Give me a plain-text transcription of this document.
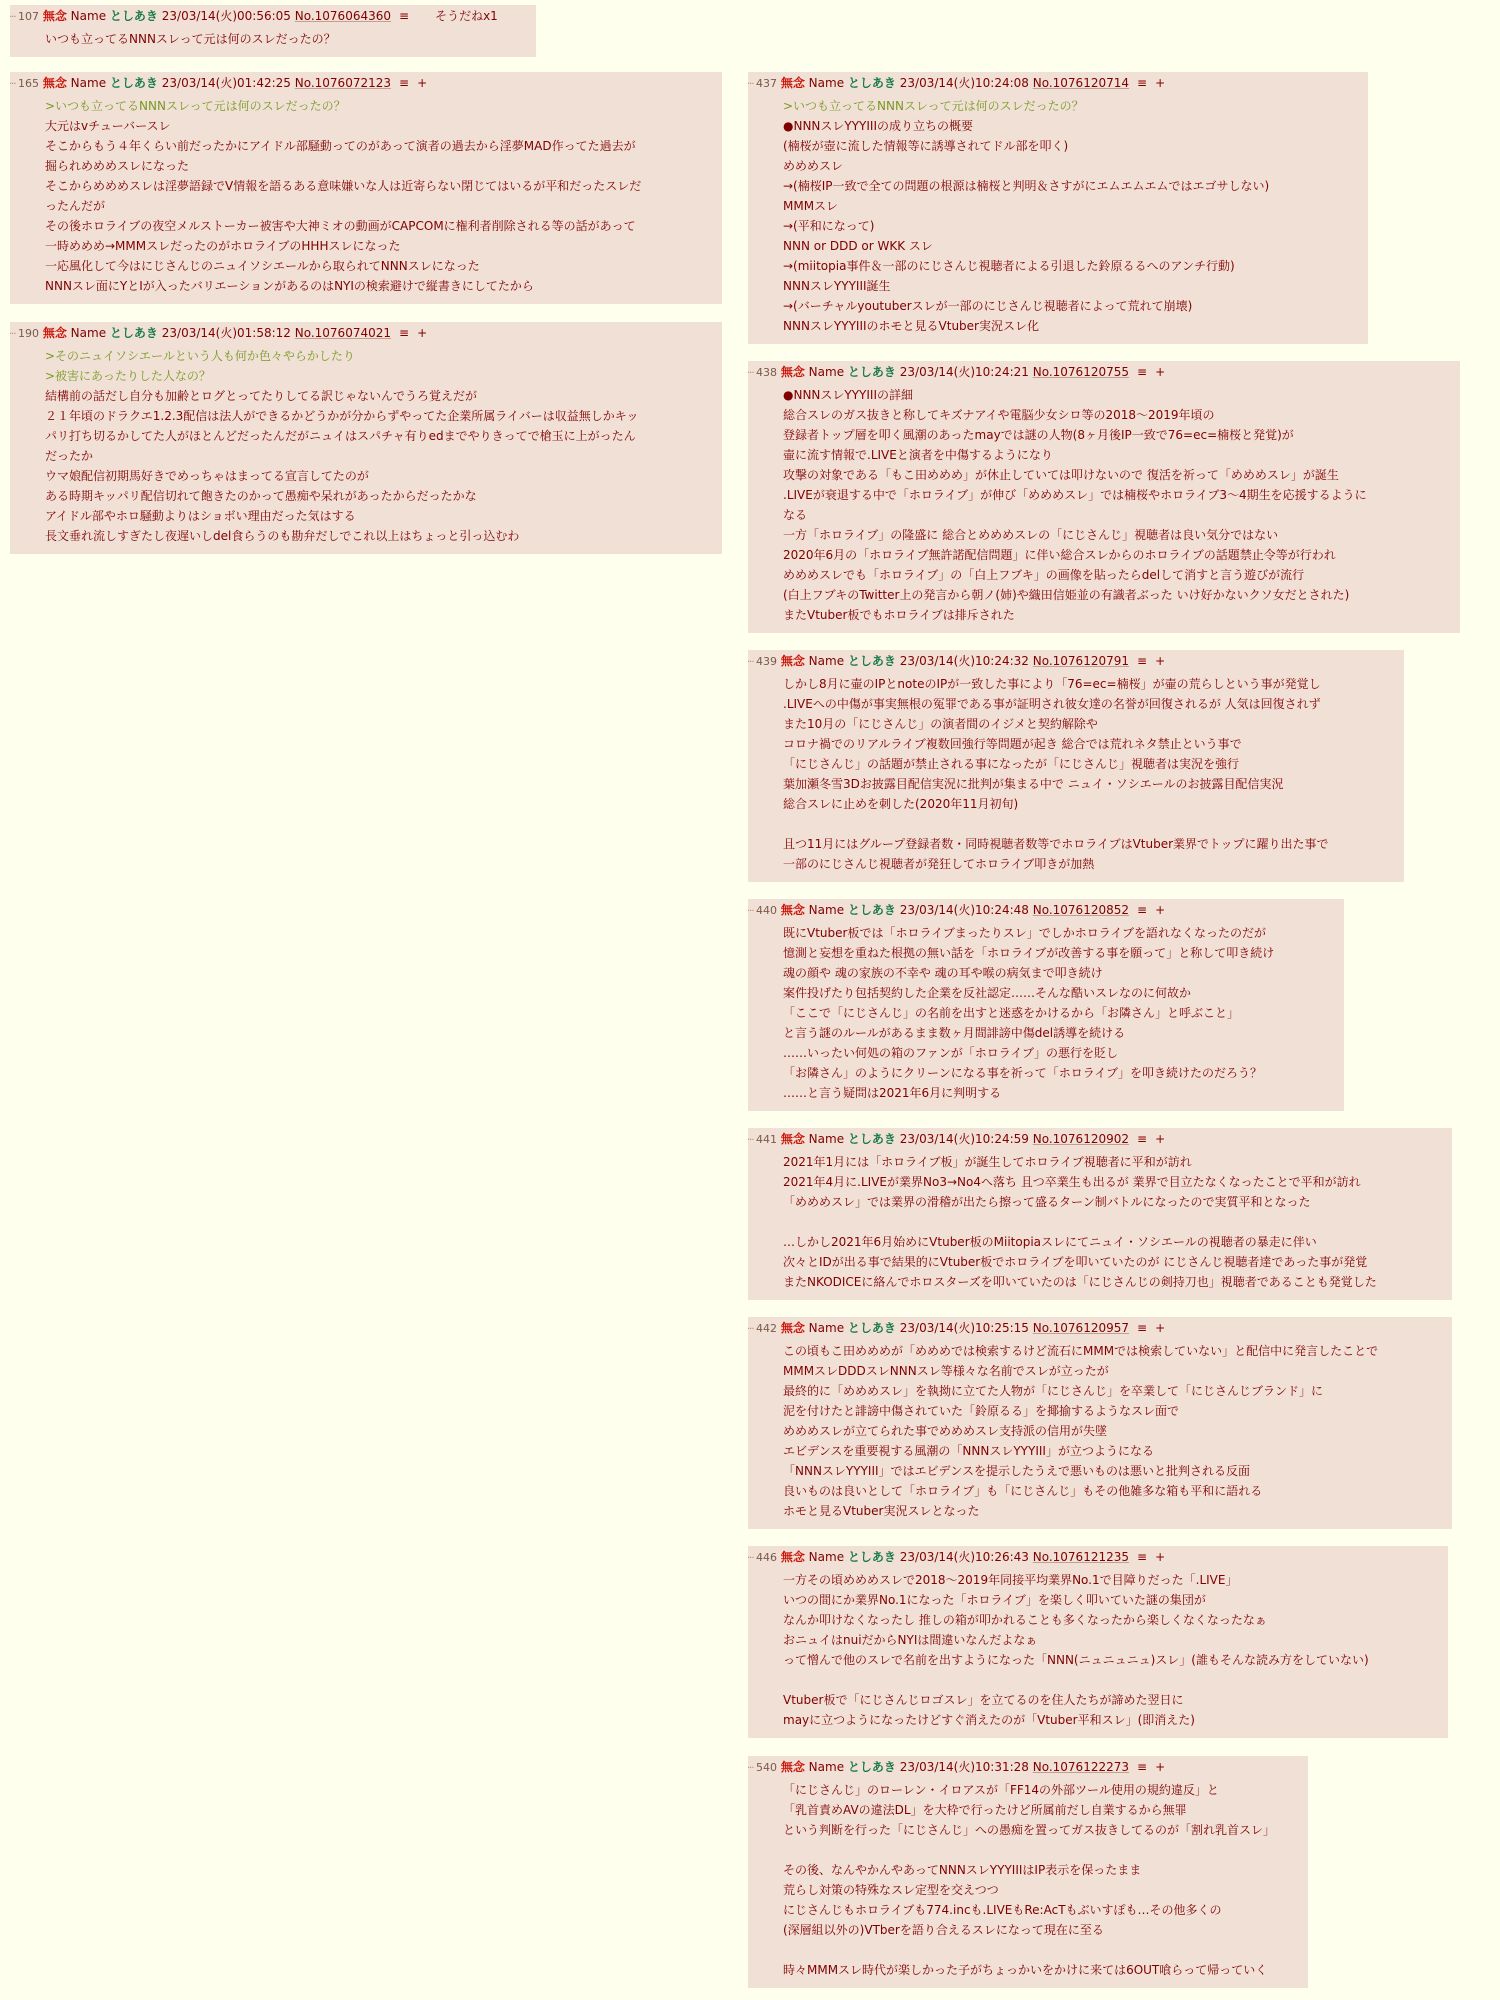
··· 107 無念 Name としあき 23/03/14(火)00:56:05 No.1076064360 ≡ そうだねx1
いつも立ってるNNNスレって元は何のスレだったの？
··· 165 無念 Name としあき 23/03/14(火)01:42:25 No.1076072123 ≡ +
>いつも立ってるNNNスレって元は何のスレだったの？
大元はvチューバースレ
そこからもう４年くらい前だったかにアイドル部騒動ってのがあって演者の過去から淫夢MAD作ってた過去が
掘られめめめスレになった
そこからめめめスレは淫夢語録でV情報を語るある意味嫌いな人は近寄らない閉じてはいるが平和だったスレだ
ったんだが
その後ホロライブの夜空メルストーカー被害や大神ミオの動画がCAPCOMに権利者削除される等の話があって
一時めめめ→MMMスレだったのがホロライブのHHHスレになった
一応風化して今はにじさんじのニュイソシエールから取られてNNNスレになった
NNNスレ面にYとIが入ったバリエーションがあるのはNYIの検索避けで縦書きにしてたから
··· 190 無念 Name としあき 23/03/14(火)01:58:12 No.1076074021 ≡ +
>そのニュイソシエールという人も何か色々やらかしたり
>被害にあったりした人なの？
結構前の話だし自分も加齢とログとってたりしてる訳じゃないんでうろ覚えだが
２１年頃のドラクエ1.2.3配信は法人ができるかどうかが分からずやってた企業所属ライバーは収益無しかキッ
パリ打ち切るかしてた人がほとんどだったんだがニュイはスパチャ有りedまでやりきってで槍玉に上がったん
だったか
ウマ娘配信初期馬好きでめっちゃはまってる宣言してたのが
ある時期キッパリ配信切れて飽きたのかって愚痴や呆れがあったからだったかな
アイドル部やホロ騒動よりはショボい理由だった気はする
長文垂れ流しすぎたし夜遅いしdel食らうのも勘弁だしでこれ以上はちょっと引っ込むわ
··· 437 無念 Name としあき 23/03/14(火)10:24:08 No.1076120714 ≡ +
>いつも立ってるNNNスレって元は何のスレだったの？
●NNNスレYYYIIIの成り立ちの概要
(楠桜が壺に流した情報等に誘導されてドル部を叩く)
めめめスレ
→(楠桜IP一致で全ての問題の根源は楠桜と判明＆さすがにエムエムエムではエゴサしない)
MMMスレ
→(平和になって)
NNN or DDD or WKK スレ
→(miitopia事件＆一部のにじさんじ視聴者による引退した鈴原るるへのアンチ行動)
NNNスレYYYIII誕生
→(バーチャルyoutuberスレが一部のにじさんじ視聴者によって荒れて崩壊)
NNNスレYYYIIIのホモと見るVtuber実況スレ化
··· 438 無念 Name としあき 23/03/14(火)10:24:21 No.1076120755 ≡ +
●NNNスレYYYIIIの詳細
総合スレのガス抜きと称してキズナアイや電脳少女シロ等の2018～2019年頃の
登録者トップ層を叩く風潮のあったmayでは謎の人物(8ヶ月後IP一致で76=ec=楠桜と発覚)が
壷に流す情報で.LIVEと演者を中傷するようになり
攻撃の対象である「もこ田めめめ」が休止していては叩けないので 復活を祈って「めめめスレ」が誕生
.LIVEが衰退する中で「ホロライブ」が伸び「めめめスレ」では楠桜やホロライブ3～4期生を応援するように
なる
一方「ホロライブ」の隆盛に 総合とめめめスレの「にじさんじ」視聴者は良い気分ではない
2020年6月の「ホロライブ無許諾配信問題」に伴い総合スレからのホロライブの話題禁止令等が行われ
めめめスレでも「ホロライブ」の「白上フブキ」の画像を貼ったらdelして消すと言う遊びが流行
(白上フブキのTwitter上の発言から朝ノ(姉)や織田信姫並の有識者ぶった いけ好かないクソ女だとされた)
またVtuber板でもホロライブは排斥された
··· 439 無念 Name としあき 23/03/14(火)10:24:32 No.1076120791 ≡ +
しかし8月に壷のIPとnoteのIPが一致した事により「76=ec=楠桜」が壷の荒らしという事が発覚し
.LIVEへの中傷が事実無根の冤罪である事が証明され彼女達の名誉が回復されるが 人気は回復されず
また10月の「にじさんじ」の演者間のイジメと契約解除や
コロナ禍でのリアルライブ複数回強行等問題が起き 総合では荒れネタ禁止という事で
「にじさんじ」の話題が禁止される事になったが「にじさんじ」視聴者は実況を強行
葉加瀬冬雪3Dお披露目配信実況に批判が集まる中で ニュイ・ソシエールのお披露目配信実況
総合スレに止めを刺した(2020年11月初旬)
且つ11月にはグループ登録者数・同時視聴者数等でホロライブはVtuber業界でトップに躍り出た事で
一部のにじさんじ視聴者が発狂してホロライブ叩きが加熱
··· 440 無念 Name としあき 23/03/14(火)10:24:48 No.1076120852 ≡ +
既にVtuber板では「ホロライブまったりスレ」でしかホロライブを語れなくなったのだが
憶測と妄想を重ねた根拠の無い話を「ホロライブが改善する事を願って」と称して叩き続け
魂の顔や 魂の家族の不幸や 魂の耳や喉の病気まで叩き続け
案件投げたり包括契約した企業を反社認定……そんな酷いスレなのに何故か
「ここで「にじさんじ」の名前を出すと迷惑をかけるから「お隣さん」と呼ぶこと」
と言う謎のルールがあるまま数ヶ月間誹謗中傷del誘導を続ける
……いったい何処の箱のファンが「ホロライブ」の悪行を貶し
「お隣さん」のようにクリーンになる事を祈って「ホロライブ」を叩き続けたのだろう？
……と言う疑問は2021年6月に判明する
··· 441 無念 Name としあき 23/03/14(火)10:24:59 No.1076120902 ≡ +
2021年1月には「ホロライブ板」が誕生してホロライブ視聴者に平和が訪れ
2021年4月に.LIVEが業界No3→No4へ落ち 且つ卒業生も出るが 業界で目立たなくなったことで平和が訪れ
「めめめスレ」では業界の滑稽が出たら擦って盛るターン制バトルになったので実質平和となった
…しかし2021年6月始めにVtuber板のMiitopiaスレにてニュイ・ソシエールの視聴者の暴走に伴い
次々とIDが出る事で結果的にVtuber板でホロライブを叩いていたのが にじさんじ視聴者達であった事が発覚
またNKODICEに絡んでホロスターズを叩いていたのは「にじさんじの剣持刀也」視聴者であることも発覚した
··· 442 無念 Name としあき 23/03/14(火)10:25:15 No.1076120957 ≡ +
この頃もこ田めめめが「めめめでは検索するけど流石にMMMでは検索していない」と配信中に発言したことで
MMMスレDDDスレNNNスレ等様々な名前でスレが立ったが
最終的に「めめめスレ」を執拗に立てた人物が「にじさんじ」を卒業して「にじさんじブランド」に
泥を付けたと誹謗中傷されていた「鈴原るる」を揶揄するようなスレ面で
めめめスレが立てられた事でめめめスレ支持派の信用が失墜
エビデンスを重要視する風潮の「NNNスレYYYIII」が立つようになる
「NNNスレYYYIII」ではエビデンスを提示したうえで悪いものは悪いと批判される反面
良いものは良いとして「ホロライブ」も「にじさんじ」もその他雑多な箱も平和に語れる
ホモと見るVtuber実況スレとなった
··· 446 無念 Name としあき 23/03/14(火)10:26:43 No.1076121235 ≡ +
一方その頃めめめスレで2018～2019年同接平均業界No.1で目障りだった「.LIVE」
いつの間にか業界No.1になった「ホロライブ」を楽しく叩いていた謎の集団が
なんか叩けなくなったし 推しの箱が叩かれることも多くなったから楽しくなくなったなぁ
おニュイはnuiだからNYIは間違いなんだよなぁ
って憎んで他のスレで名前を出すようになった「NNN(ニュニュニュ)スレ」(誰もそんな読み方をしていない)
Vtuber板で「にじさんじロゴスレ」を立てるのを住人たちが諦めた翌日に
mayに立つようになったけどすぐ消えたのが「Vtuber平和スレ」(即消えた)
··· 540 無念 Name としあき 23/03/14(火)10:31:28 No.1076122273 ≡ +
「にじさんじ」のローレン・イロアスが「FF14の外部ツール使用の規約違反」と
「乳首責めAVの違法DL」を大枠で行ったけど所属前だし自業するから無罪
という判断を行った「にじさんじ」への愚痴を置ってガス抜きしてるのが「割れ乳首スレ」
その後、なんやかんやあってNNNスレYYYIIIはIP表示を保ったまま
荒らし対策の特殊なスレ定型を交えつつ
にじさんじもホロライブも774.incも.LIVEもRe:AcTもぶいすぽも…その他多くの
(深層組以外の)VTberを語り合えるスレになって現在に至る
時々MMMスレ時代が楽しかった子がちょっかいをかけに来ては6OUT喰らって帰っていく
